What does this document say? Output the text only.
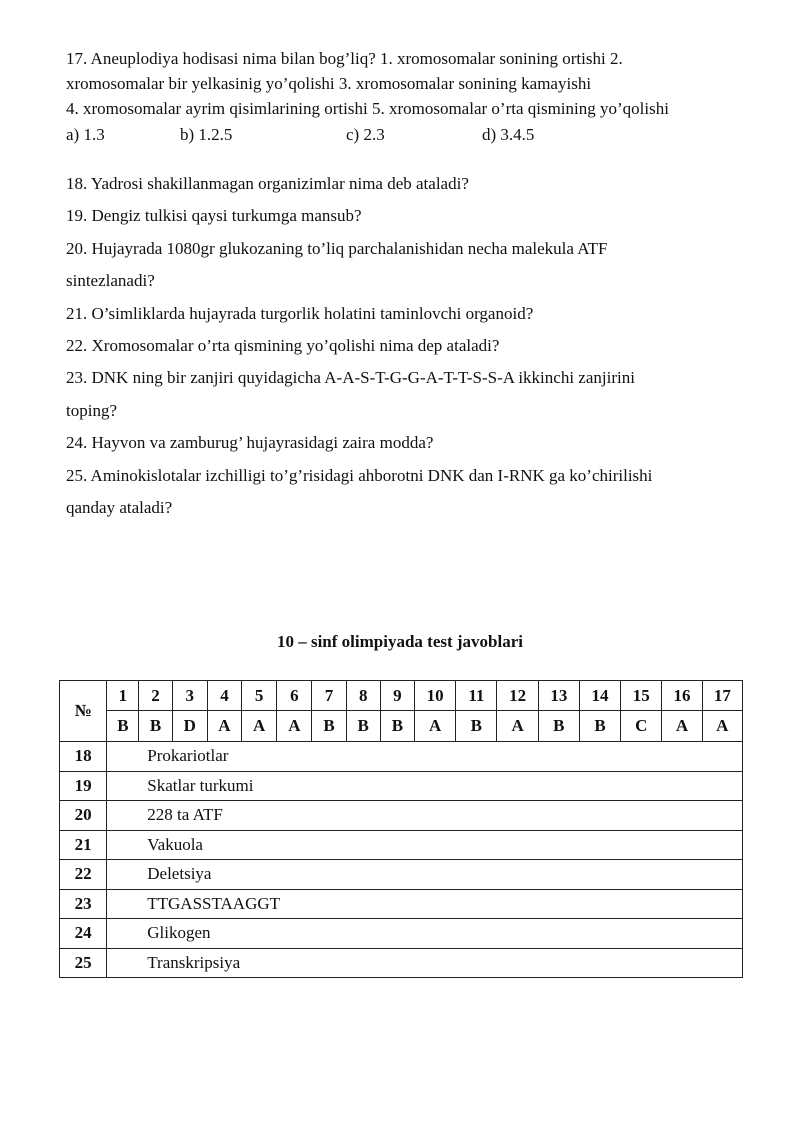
17. Aneuplodiya hodisasi nima bilan bog’liq? 1. xromosomalar sonining ortishi 2.

xromosomalar bir yelkasinig yo’qolishi 3. xromosomalar sonining kamayishi

4. xromosomalar ayrim qisimlarining ortishi 5. xromosomalar o’rta qismining yo’qolishi

a) 1.3	b) 1.2.5	c) 2.3	d) 3.4.5

18. Yadrosi shakillanmagan organizimlar nima deb ataladi?

19. Dengiz tulkisi qaysi turkumga mansub?

20. Hujayrada 1080gr glukozaning to’liq parchalanishidan necha malekula ATF

sintezlanadi?

21. O’simliklarda hujayrada turgorlik holatini taminlovchi organoid?

22. Xromosomalar o’rta qismining yo’qolishi nima dep ataladi?

23. DNK ning bir zanjiri quyidagicha A-A-S-T-G-G-A-T-T-S-S-A ikkinchi zanjirini

toping?

24. Hayvon va zamburug’ hujayrasidagi zaira modda?

25. Aminokislotalar izchilligi to’g’risidagi ahborotni DNK dan I-RNK ga ko’chirilishi

qanday ataladi?

10 – sinf olimpiyada test javoblari
№	1	2	3	4	5	6	7	8	9	10	11	12	13	14	15	16	17
	B	B	D	A	A	A	B	B	B	A	B	A	B	B	C	A	A
18	Prokariotlar																
19	Skatlar turkumi																
20	228 ta ATF																
21	Vakuola																
22	Deletsiya																
23	TTGASSTAAGGT																
24	Glikogen																
25	Transkripsiya																
